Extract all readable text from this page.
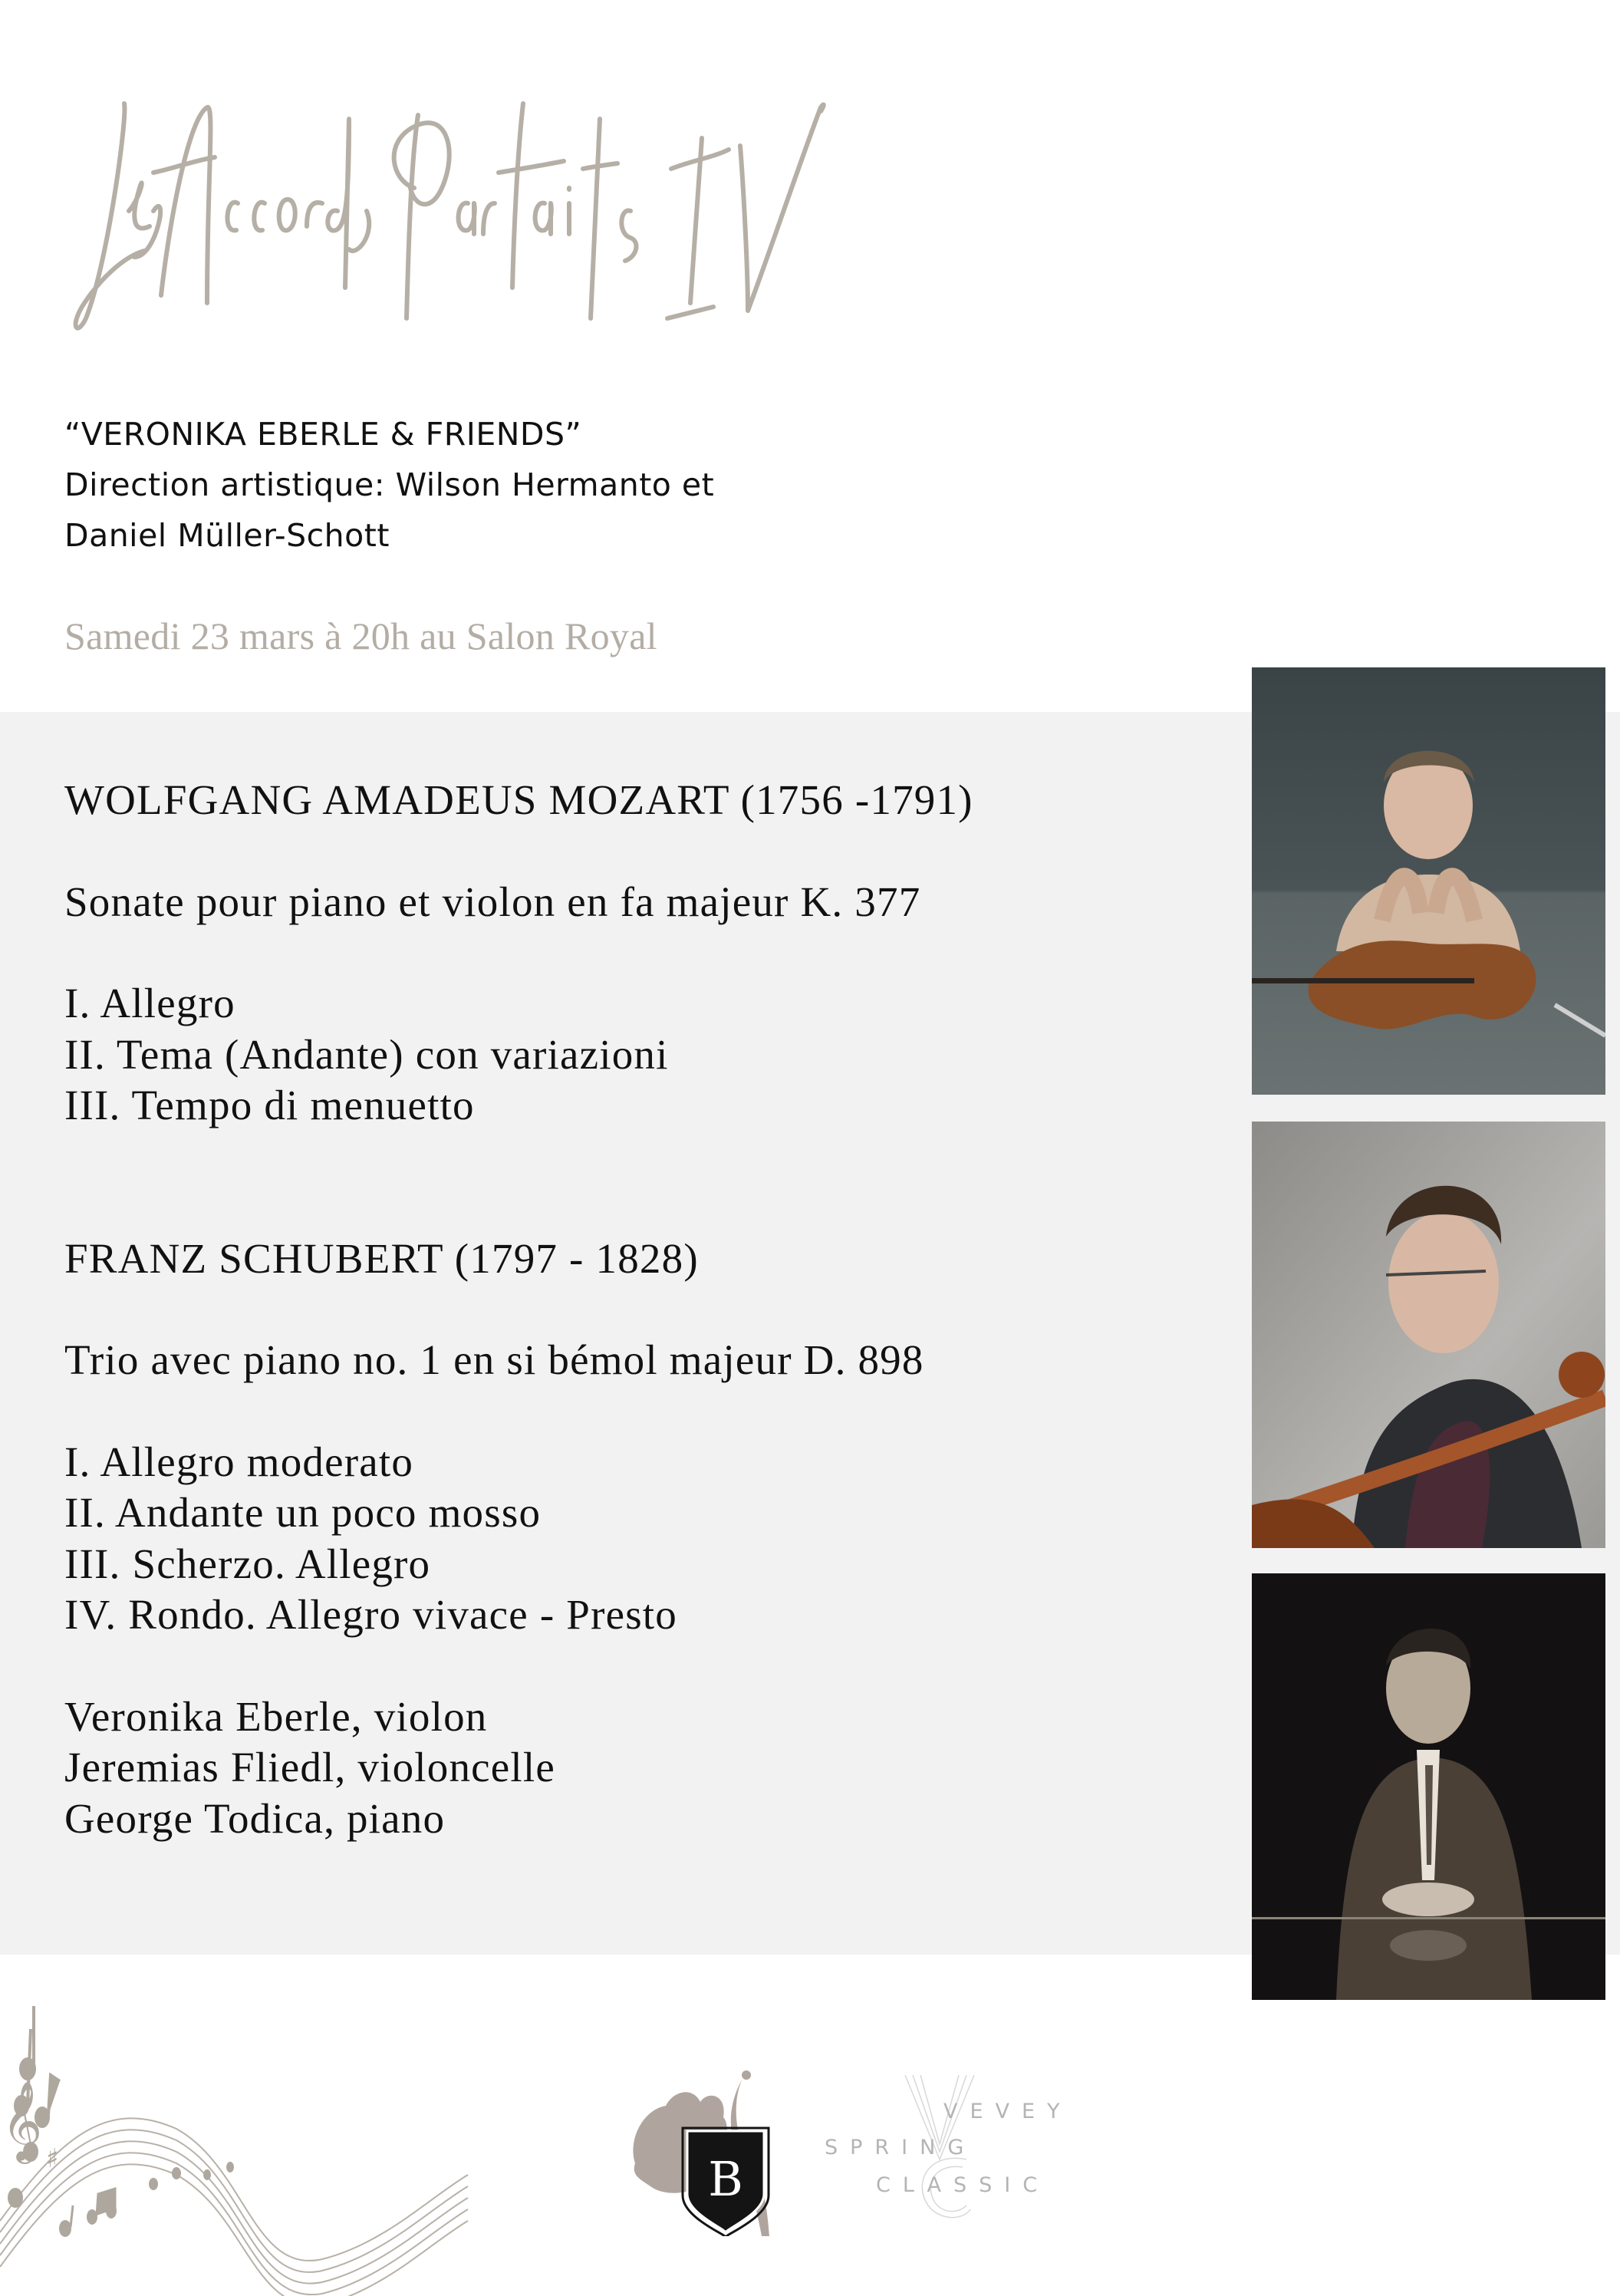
“VERONIKA EBERLE & FRIENDS”
Direction artistique: Wilson Hermanto et
Daniel Müller-Schott
Samedi 23 mars à 20h au Salon Royal
WOLFGANG AMADEUS MOZART (1756 -1791)
Sonate pour piano et violon en fa majeur K. 377
I. Allegro
II. Tema (Andante) con variazioni
III. Tempo di menuetto
FRANZ SCHUBERT (1797 - 1828)
Trio avec piano no. 1 en si bémol majeur D. 898
I. Allegro moderato
II. Andante un poco mosso
III. Scherzo. Allegro
IV. Rondo. Allegro vivace - Presto
Veronika Eberle, violon
Jeremias Fliedl, violoncelle
George Todica, piano
𝄞 ♯	B
VEVEY
SPRING
CLASSIC
